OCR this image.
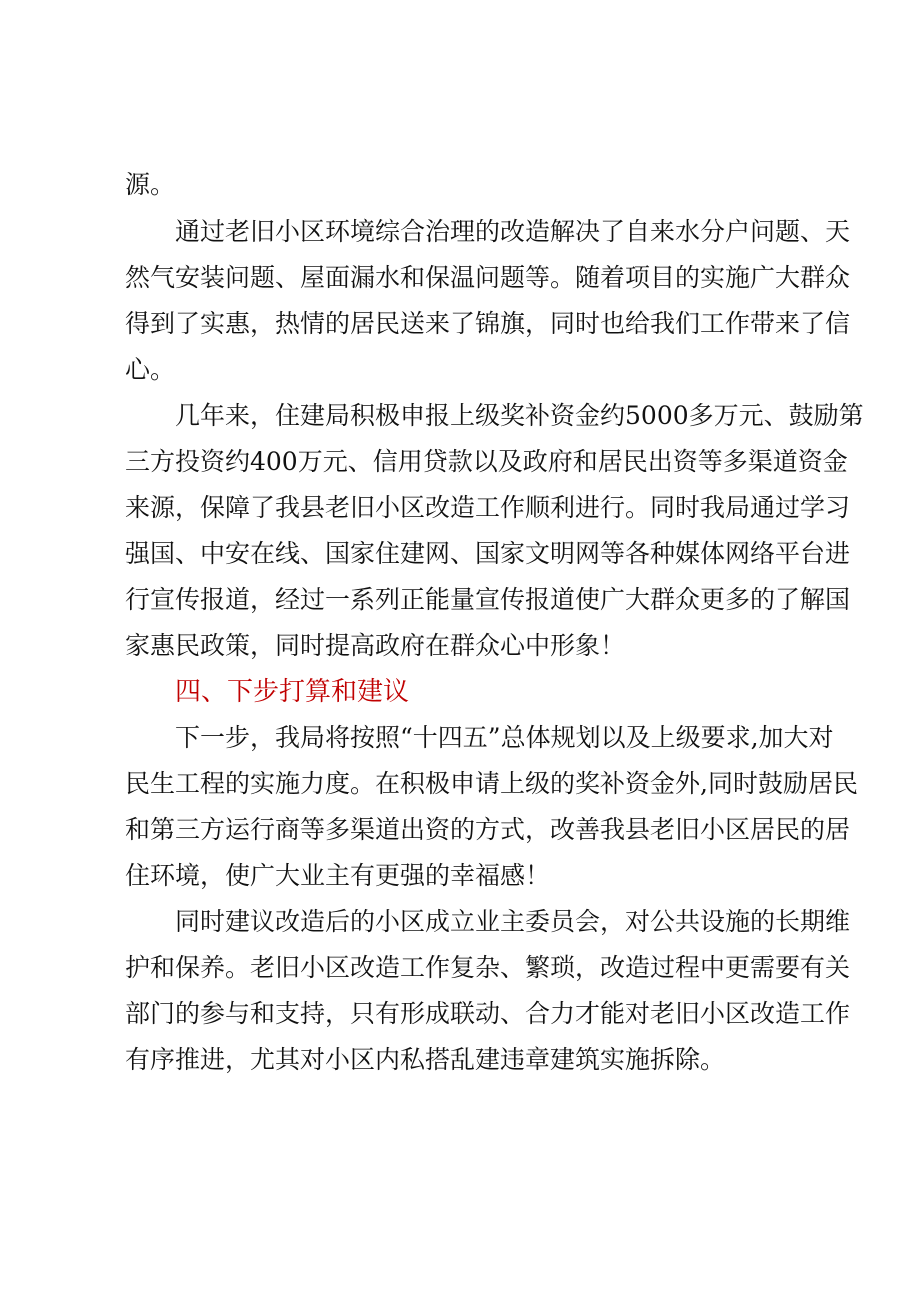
源。
通过老旧小区环境综合治理的改造解决了自来水分户问题、天
然气安装问题、屋面漏水和保温问题等。随着项目的实施广大群众
得到了实惠，热情的居民送来了锦旗，同时也给我们工作带来了信
心。
几年来，住建局积极申报上级奖补资金约5000多万元、鼓励第
三方投资约400万元、信用贷款以及政府和居民出资等多渠道资金
来源，保障了我县老旧小区改造工作顺利进行。同时我局通过学习
强国、中安在线、国家住建网、国家文明网等各种媒体网络平台进
行宣传报道，经过一系列正能量宣传报道使广大群众更多的了解国
家惠民政策，同时提高政府在群众心中形象！
四、下步打算和建议
下一步，我局将按照“十四五”总体规划以及上级要求,加大对
民生工程的实施力度。在积极申请上级的奖补资金外,同时鼓励居民
和第三方运行商等多渠道出资的方式，改善我县老旧小区居民的居
住环境，使广大业主有更强的幸福感！
同时建议改造后的小区成立业主委员会，对公共设施的长期维
护和保养。老旧小区改造工作复杂、繁琐，改造过程中更需要有关
部门的参与和支持，只有形成联动、合力才能对老旧小区改造工作
有序推进，尤其对小区内私搭乱建违章建筑实施拆除。
